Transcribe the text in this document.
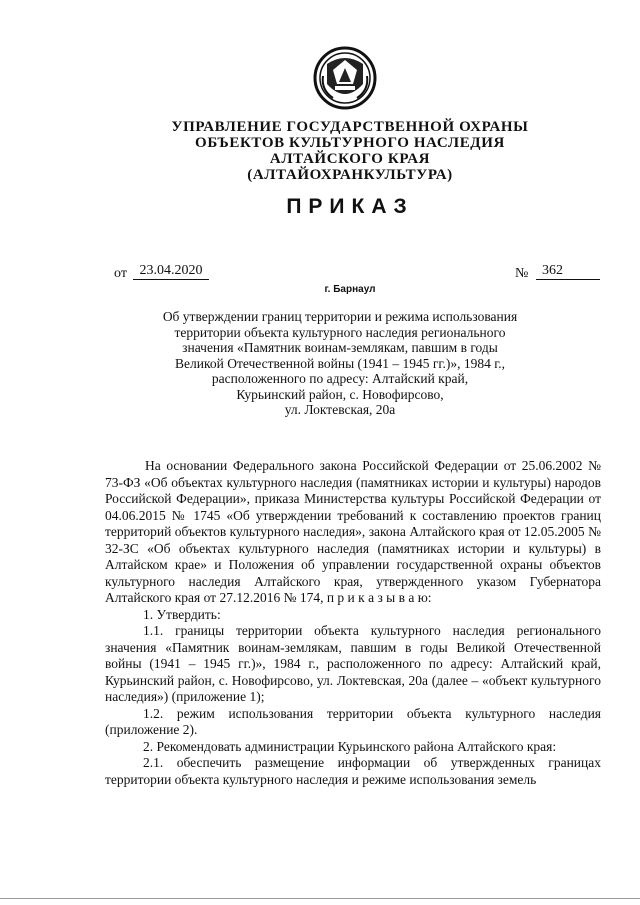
УПРАВЛЕНИЕ ГОСУДАРСТВЕННОЙ ОХРАНЫ
ОБЪЕКТОВ КУЛЬТУРНОГО НАСЛЕДИЯ
АЛТАЙСКОГО КРАЯ
(АЛТАЙОХРАНКУЛЬТУРА)
ПРИКАЗ
от 23.04.2020	№ 362
г. Барнаул
Об утверждении границ территории и режима использования
территории объекта культурного наследия регионального
значения «Памятник воинам-землякам, павшим в годы
Великой Отечественной войны (1941 – 1945 гг.)», 1984 г.,
расположенного по адресу: Алтайский край,
Курьинский район, с. Новофирсово,
ул. Локтевская, 20а
На основании Федерального закона Российской Федерации от 25.06.2002 № 73-ФЗ «Об объектах культурного наследия (памятниках истории и культуры) народов Российской Федерации», приказа Министерства культуры Российской Федерации от 04.06.2015 № 1745 «Об утверждении требований к составлению проектов границ территорий объектов культурного наследия», закона Алтайского края от 12.05.2005 № 32-ЗС «Об объектах культурного наследия (памятниках истории и культуры) в Алтайском крае» и Положения об управлении государственной охраны объектов культурного наследия Алтайского края, утвержденного указом Губернатора Алтайского края от 27.12.2016 № 174, п р и к а з ы в а ю:
1. Утвердить:
1.1. границы территории объекта культурного наследия регионального значения «Памятник воинам-землякам, павшим в годы Великой Отечественной войны (1941 – 1945 гг.)», 1984 г., расположенного по адресу: Алтайский край, Курьинский район, с. Новофирсово, ул. Локтевская, 20а (далее – «объект культурного наследия») (приложение 1);
1.2. режим использования территории объекта культурного наследия (приложение 2).
2. Рекомендовать администрации Курьинского района Алтайского края:
2.1. обеспечить размещение информации об утвержденных границах территории объекта культурного наследия и режиме использования земель
